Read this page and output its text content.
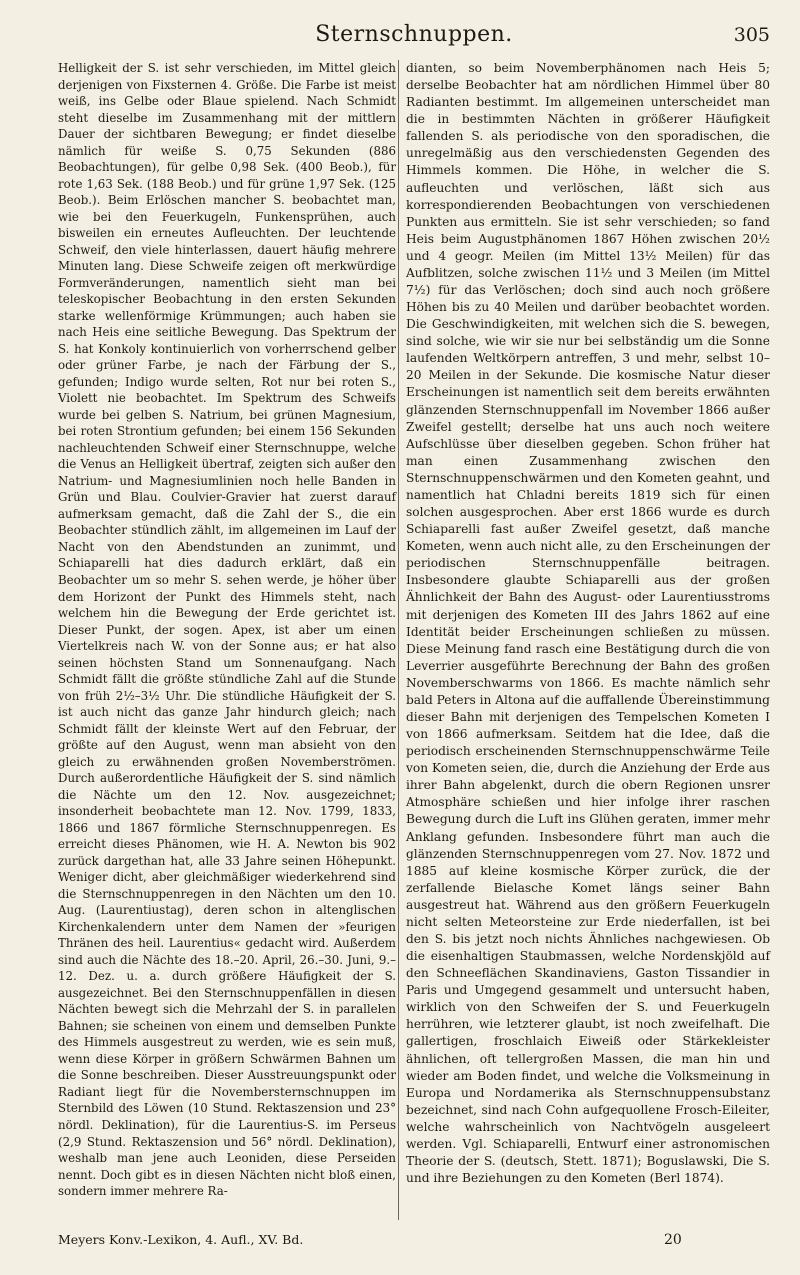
Sternschnuppen.	305

Helligkeit der S. ist sehr verschieden, im Mittel gleich derjenigen von Fixsternen 4. Größe. Die Farbe ist meist weiß, ins Gelbe oder Blaue spielend. Nach Schmidt steht dieselbe im Zusammenhang mit der mittlern Dauer der sichtbaren Bewegung; er findet dieselbe nämlich für weiße S. 0,75 Sekunden (886 Beobachtungen), für gelbe 0,98 Sek. (400 Beob.), für rote 1,63 Sek. (188 Beob.) und für grüne 1,97 Sek. (125 Beob.). Beim Erlöschen mancher S. beobachtet man, wie bei den Feuerkugeln, Funkensprühen, auch bisweilen ein erneutes Aufleuchten. Der leuchtende Schweif, den viele hinterlassen, dauert häufig mehrere Minuten lang. Diese Schweife zeigen oft merkwürdige Formveränderungen, namentlich sieht man bei teleskopischer Beobachtung in den ersten Sekunden starke wellenförmige Krümmungen; auch haben sie nach Heis eine seitliche Bewegung. Das Spektrum der S. hat Konkoly kontinuierlich von vorherrschend gelber oder grüner Farbe, je nach der Färbung der S., gefunden; Indigo wurde selten, Rot nur bei roten S., Violett nie beobachtet. Im Spektrum des Schweifs wurde bei gelben S. Natrium, bei grünen Magnesium, bei roten Strontium gefunden; bei einem 156 Sekunden nachleuchtenden Schweif einer Sternschnuppe, welche die Venus an Helligkeit übertraf, zeigten sich außer den Natrium- und Magnesiumlinien noch helle Banden in Grün und Blau. Coulvier-Gravier hat zuerst darauf aufmerksam gemacht, daß die Zahl der S., die ein Beobachter stündlich zählt, im allgemeinen im Lauf der Nacht von den Abendstunden an zunimmt, und Schiaparelli hat dies dadurch erklärt, daß ein Beobachter um so mehr S. sehen werde, je höher über dem Horizont der Punkt des Himmels steht, nach welchem hin die Bewegung der Erde gerichtet ist. Dieser Punkt, der sogen. Apex, ist aber um einen Viertelkreis nach W. von der Sonne aus; er hat also seinen höchsten Stand um Sonnenaufgang. Nach Schmidt fällt die größte stündliche Zahl auf die Stunde von früh 2½–3½ Uhr. Die stündliche Häufigkeit der S. ist auch nicht das ganze Jahr hindurch gleich; nach Schmidt fällt der kleinste Wert auf den Februar, der größte auf den August, wenn man absieht von den gleich zu erwähnenden großen Novemberströmen. Durch außerordentliche Häufigkeit der S. sind nämlich die Nächte um den 12. Nov. ausgezeichnet; insonderheit beobachtete man 12. Nov. 1799, 1833, 1866 und 1867 förmliche Sternschnuppenregen. Es erreicht dieses Phänomen, wie H. A. Newton bis 902 zurück dargethan hat, alle 33 Jahre seinen Höhepunkt. Weniger dicht, aber gleichmäßiger wiederkehrend sind die Sternschnuppenregen in den Nächten um den 10. Aug. (Laurentiustag), deren schon in altenglischen Kirchenkalendern unter dem Namen der »feurigen Thränen des heil. Laurentius« gedacht wird. Außerdem sind auch die Nächte des 18.–20. April, 26.–30. Juni, 9.–12. Dez. u. a. durch größere Häufigkeit der S. ausgezeichnet. Bei den Sternschnuppenfällen in diesen Nächten bewegt sich die Mehrzahl der S. in parallelen Bahnen; sie scheinen von einem und demselben Punkte des Himmels ausgestreut zu werden, wie es sein muß, wenn diese Körper in größern Schwärmen Bahnen um die Sonne beschreiben. Dieser Ausstreuungspunkt oder Radiant liegt für die Novembersternschnuppen im Sternbild des Löwen (10 Stund. Rektaszension und 23° nördl. Deklination), für die Laurentius-S. im Perseus (2,9 Stund. Rektaszension und 56° nördl. Deklination), weshalb man jene auch Leoniden, diese Perseiden nennt. Doch gibt es in diesen Nächten nicht bloß einen, sondern immer mehrere Ra-

dianten, so beim Novemberphänomen nach Heis 5; derselbe Beobachter hat am nördlichen Himmel über 80 Radianten bestimmt. Im allgemeinen unterscheidet man die in bestimmten Nächten in größerer Häufigkeit fallenden S. als periodische von den sporadischen, die unregelmäßig aus den verschiedensten Gegenden des Himmels kommen. Die Höhe, in welcher die S. aufleuchten und verlöschen, läßt sich aus korrespondierenden Beobachtungen von verschiedenen Punkten aus ermitteln. Sie ist sehr verschieden; so fand Heis beim Augustphänomen 1867 Höhen zwischen 20½ und 4 geogr. Meilen (im Mittel 13½ Meilen) für das Aufblitzen, solche zwischen 11½ und 3 Meilen (im Mittel 7½) für das Verlöschen; doch sind auch noch größere Höhen bis zu 40 Meilen und darüber beobachtet worden. Die Geschwindigkeiten, mit welchen sich die S. bewegen, sind solche, wie wir sie nur bei selbständig um die Sonne laufenden Weltkörpern antreffen, 3 und mehr, selbst 10–20 Meilen in der Sekunde. Die kosmische Natur dieser Erscheinungen ist namentlich seit dem bereits erwähnten glänzenden Sternschnuppenfall im November 1866 außer Zweifel gestellt; derselbe hat uns auch noch weitere Aufschlüsse über dieselben gegeben. Schon früher hat man einen Zusammenhang zwischen den Sternschnuppenschwärmen und den Kometen geahnt, und namentlich hat Chladni bereits 1819 sich für einen solchen ausgesprochen. Aber erst 1866 wurde es durch Schiaparelli fast außer Zweifel gesetzt, daß manche Kometen, wenn auch nicht alle, zu den Erscheinungen der periodischen Sternschnuppenfälle beitragen. Insbesondere glaubte Schiaparelli aus der großen Ähnlichkeit der Bahn des August- oder Laurentiusstroms mit derjenigen des Kometen III des Jahrs 1862 auf eine Identität beider Erscheinungen schließen zu müssen. Diese Meinung fand rasch eine Bestätigung durch die von Leverrier ausgeführte Berechnung der Bahn des großen Novemberschwarms von 1866. Es machte nämlich sehr bald Peters in Altona auf die auffallende Übereinstimmung dieser Bahn mit derjenigen des Tempelschen Kometen I von 1866 aufmerksam. Seitdem hat die Idee, daß die periodisch erscheinenden Sternschnuppenschwärme Teile von Kometen seien, die, durch die Anziehung der Erde aus ihrer Bahn abgelenkt, durch die obern Regionen unsrer Atmosphäre schießen und hier infolge ihrer raschen Bewegung durch die Luft ins Glühen geraten, immer mehr Anklang gefunden. Insbesondere führt man auch die glänzenden Sternschnuppenregen vom 27. Nov. 1872 und 1885 auf kleine kosmische Körper zurück, die der zerfallende Bielasche Komet längs seiner Bahn ausgestreut hat. Während aus den größern Feuerkugeln nicht selten Meteorsteine zur Erde niederfallen, ist bei den S. bis jetzt noch nichts Ähnliches nachgewiesen. Ob die eisenhaltigen Staubmassen, welche Nordenskjöld auf den Schneeflächen Skandinaviens, Gaston Tissandier in Paris und Umgegend gesammelt und untersucht haben, wirklich von den Schweifen der S. und Feuerkugeln herrühren, wie letzterer glaubt, ist noch zweifelhaft. Die gallertigen, froschlaich Eiweiß oder Stärkekleister ähnlichen, oft tellergroßen Massen, die man hin und wieder am Boden findet, und welche die Volksmeinung in Europa und Nordamerika als Sternschnuppensubstanz bezeichnet, sind nach Cohn aufgequollene Frosch-Eileiter, welche wahrscheinlich von Nachtvögeln ausgeleert werden. Vgl. Schiaparelli, Entwurf einer astronomischen Theorie der S. (deutsch, Stett. 1871); Boguslawski, Die S. und ihre Beziehungen zu den Kometen (Berl 1874).

Meyers Konv.-Lexikon, 4. Aufl., XV. Bd.	20
